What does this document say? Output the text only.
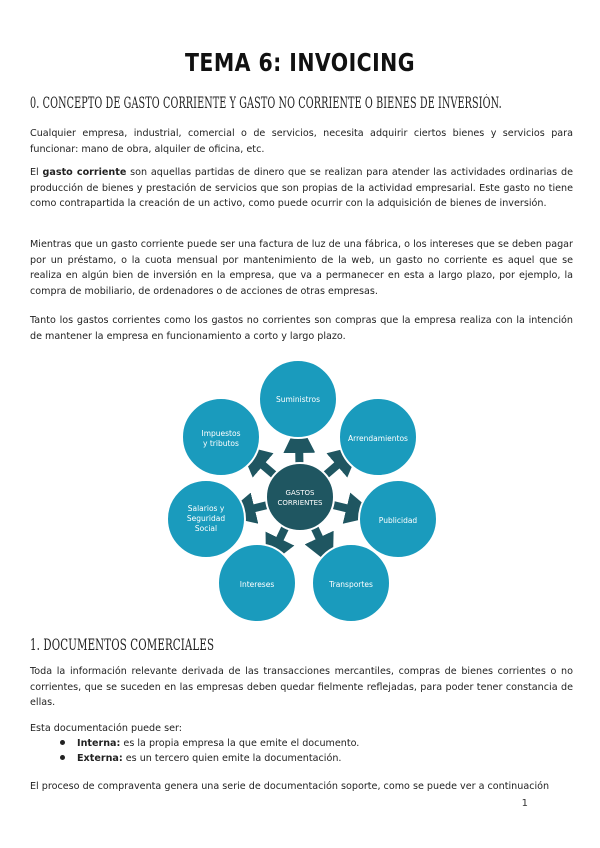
TEMA 6: INVOICING
0. CONCEPTO DE GASTO CORRIENTE Y GASTO NO CORRIENTE O BIENES DE INVERSIÓN.

Cualquier empresa, industrial, comercial o de servicios, necesita adquirir ciertos bienes y servicios para funcionar: mano de obra, alquiler de oficina, etc.

El gasto corriente son aquellas partidas de dinero que se realizan para atender las actividades ordinarias de producción de bienes y prestación de servicios que son propias de la actividad empresarial. Este gasto no tiene como contrapartida la creación de un activo, como puede ocurrir con la adquisición de bienes de inversión.

Mientras que un gasto corriente puede ser una factura de luz de una fábrica, o los intereses que se deben pagar por un préstamo, o la cuota mensual por mantenimiento de la web, un gasto no corriente es aquel que se realiza en algún bien de inversión en la empresa, que va a permanecer en esta a largo plazo, por ejemplo, la compra de mobiliario, de ordenadores o de acciones de otras empresas.

Tanto los gastos corrientes como los gastos no corrientes son compras que la empresa realiza con la intención de mantener la empresa en funcionamiento a corto y largo plazo.

Suministros
Arrendamientos
Publicidad
Transportes
Intereses
Salarios y
Seguridad
Social
Impuestos
y tributos
GASTOS
CORRIENTES
1. DOCUMENTOS COMERCIALES

Toda la información relevante derivada de las transacciones mercantiles, compras de bienes corrientes o no corrientes, que se suceden en las empresas deben quedar fielmente reflejadas, para poder tener constancia de ellas.

Esta documentación puede ser:

Interna: es la propia empresa la que emite el documento.
Externa: es un tercero quien emite la documentación.

El proceso de compraventa genera una serie de documentación soporte, como se puede ver a continuación

1
